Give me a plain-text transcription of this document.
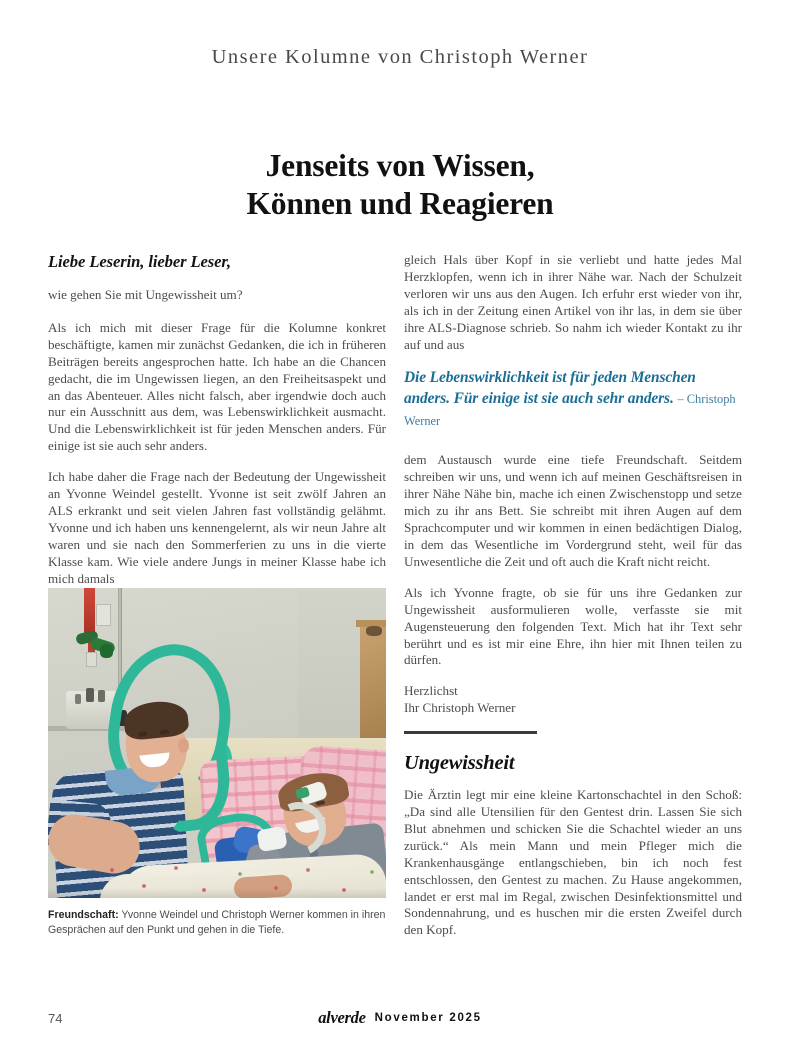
Unsere Kolumne von Christoph Werner
Jenseits von Wissen,
Können und Reagieren
Liebe Leserin, lieber Leser,

wie gehen Sie mit Ungewissheit um?

Als ich mich mit dieser Frage für die Kolumne konkret beschäftigte, kamen mir zunächst Gedanken, die ich in früheren Beiträgen bereits angesprochen hatte. Ich habe an die Chancen gedacht, die im Ungewissen liegen, an den Freiheitsaspekt und an das Abenteuer. Alles nicht falsch, aber irgendwie doch auch nur ein Ausschnitt aus dem, was Lebenswirklichkeit ausmacht. Und die Lebenswirklichkeit ist für jeden Menschen anders. Für einige ist sie auch sehr anders.

Ich habe daher die Frage nach der Bedeutung der Ungewissheit an Yvonne Weindel gestellt. Yvonne ist seit zwölf Jahren an ALS erkrankt und seit vielen Jahren fast vollständig gelähmt. Yvonne und ich haben uns kennengelernt, als wir neun Jahre alt waren und sie nach den Sommerferien zu uns in die vierte Klasse kam. Wie viele andere Jungs in meiner Klasse habe ich mich damals

gleich Hals über Kopf in sie verliebt und hatte jedes Mal Herzklopfen, wenn ich in ihrer Nähe war. Nach der Schulzeit verloren wir uns aus den Augen. Ich erfuhr erst wieder von ihr, als ich in der Zeitung einen Artikel von ihr las, in dem sie über ihre ALS-Diagnose schrieb. So nahm ich wieder Kontakt zu ihr auf und aus

Die Lebenswirklichkeit ist für jeden Menschen anders. Für einige ist sie auch sehr anders. – Christoph Werner

dem Austausch wurde eine tiefe Freundschaft. Seitdem schreiben wir uns, und wenn ich auf meinen Geschäftsreisen in ihrer Nähe Nähe bin, mache ich einen Zwischenstopp und setze mich zu ihr ans Bett. Sie schreibt mit ihren Augen auf dem Sprachcomputer und wir kommen in einen bedächtigen Dialog, in dem das Wesentliche im Vordergrund steht, weil für das Unwesentliche die Zeit und oft auch die Kraft nicht reicht.

Als ich Yvonne fragte, ob sie für uns ihre Gedanken zur Ungewissheit ausformulieren wolle, verfasste sie mit Augensteuerung den folgenden Text. Mich hat ihr Text sehr berührt und es ist mir eine Ehre, ihn hier mit Ihnen teilen zu dürfen.

Herzlichst
Ihr Christoph Werner

Ungewissheit

Die Ärztin legt mir eine kleine Kartonschachtel in den Schoß: „Da sind alle Utensilien für den Gentest drin. Lassen Sie sich Blut abnehmen und schicken Sie die Schachtel wieder an uns zurück.“ Als mein Mann und mein Pfleger mich die Krankenhausgänge entlangschieben, bin ich noch fest entschlossen, den Gentest zu machen. Zu Hause angekommen, landet er erst mal im Regal, zwischen Desinfektionsmittel und Sondennahrung, und es huschen mir die ersten Zweifel durch den Kopf.

Freundschaft: Yvonne Weindel und Christoph Werner kommen in ihren Gesprächen auf den Punkt und gehen in die Tiefe.
74	alverde November 2025
